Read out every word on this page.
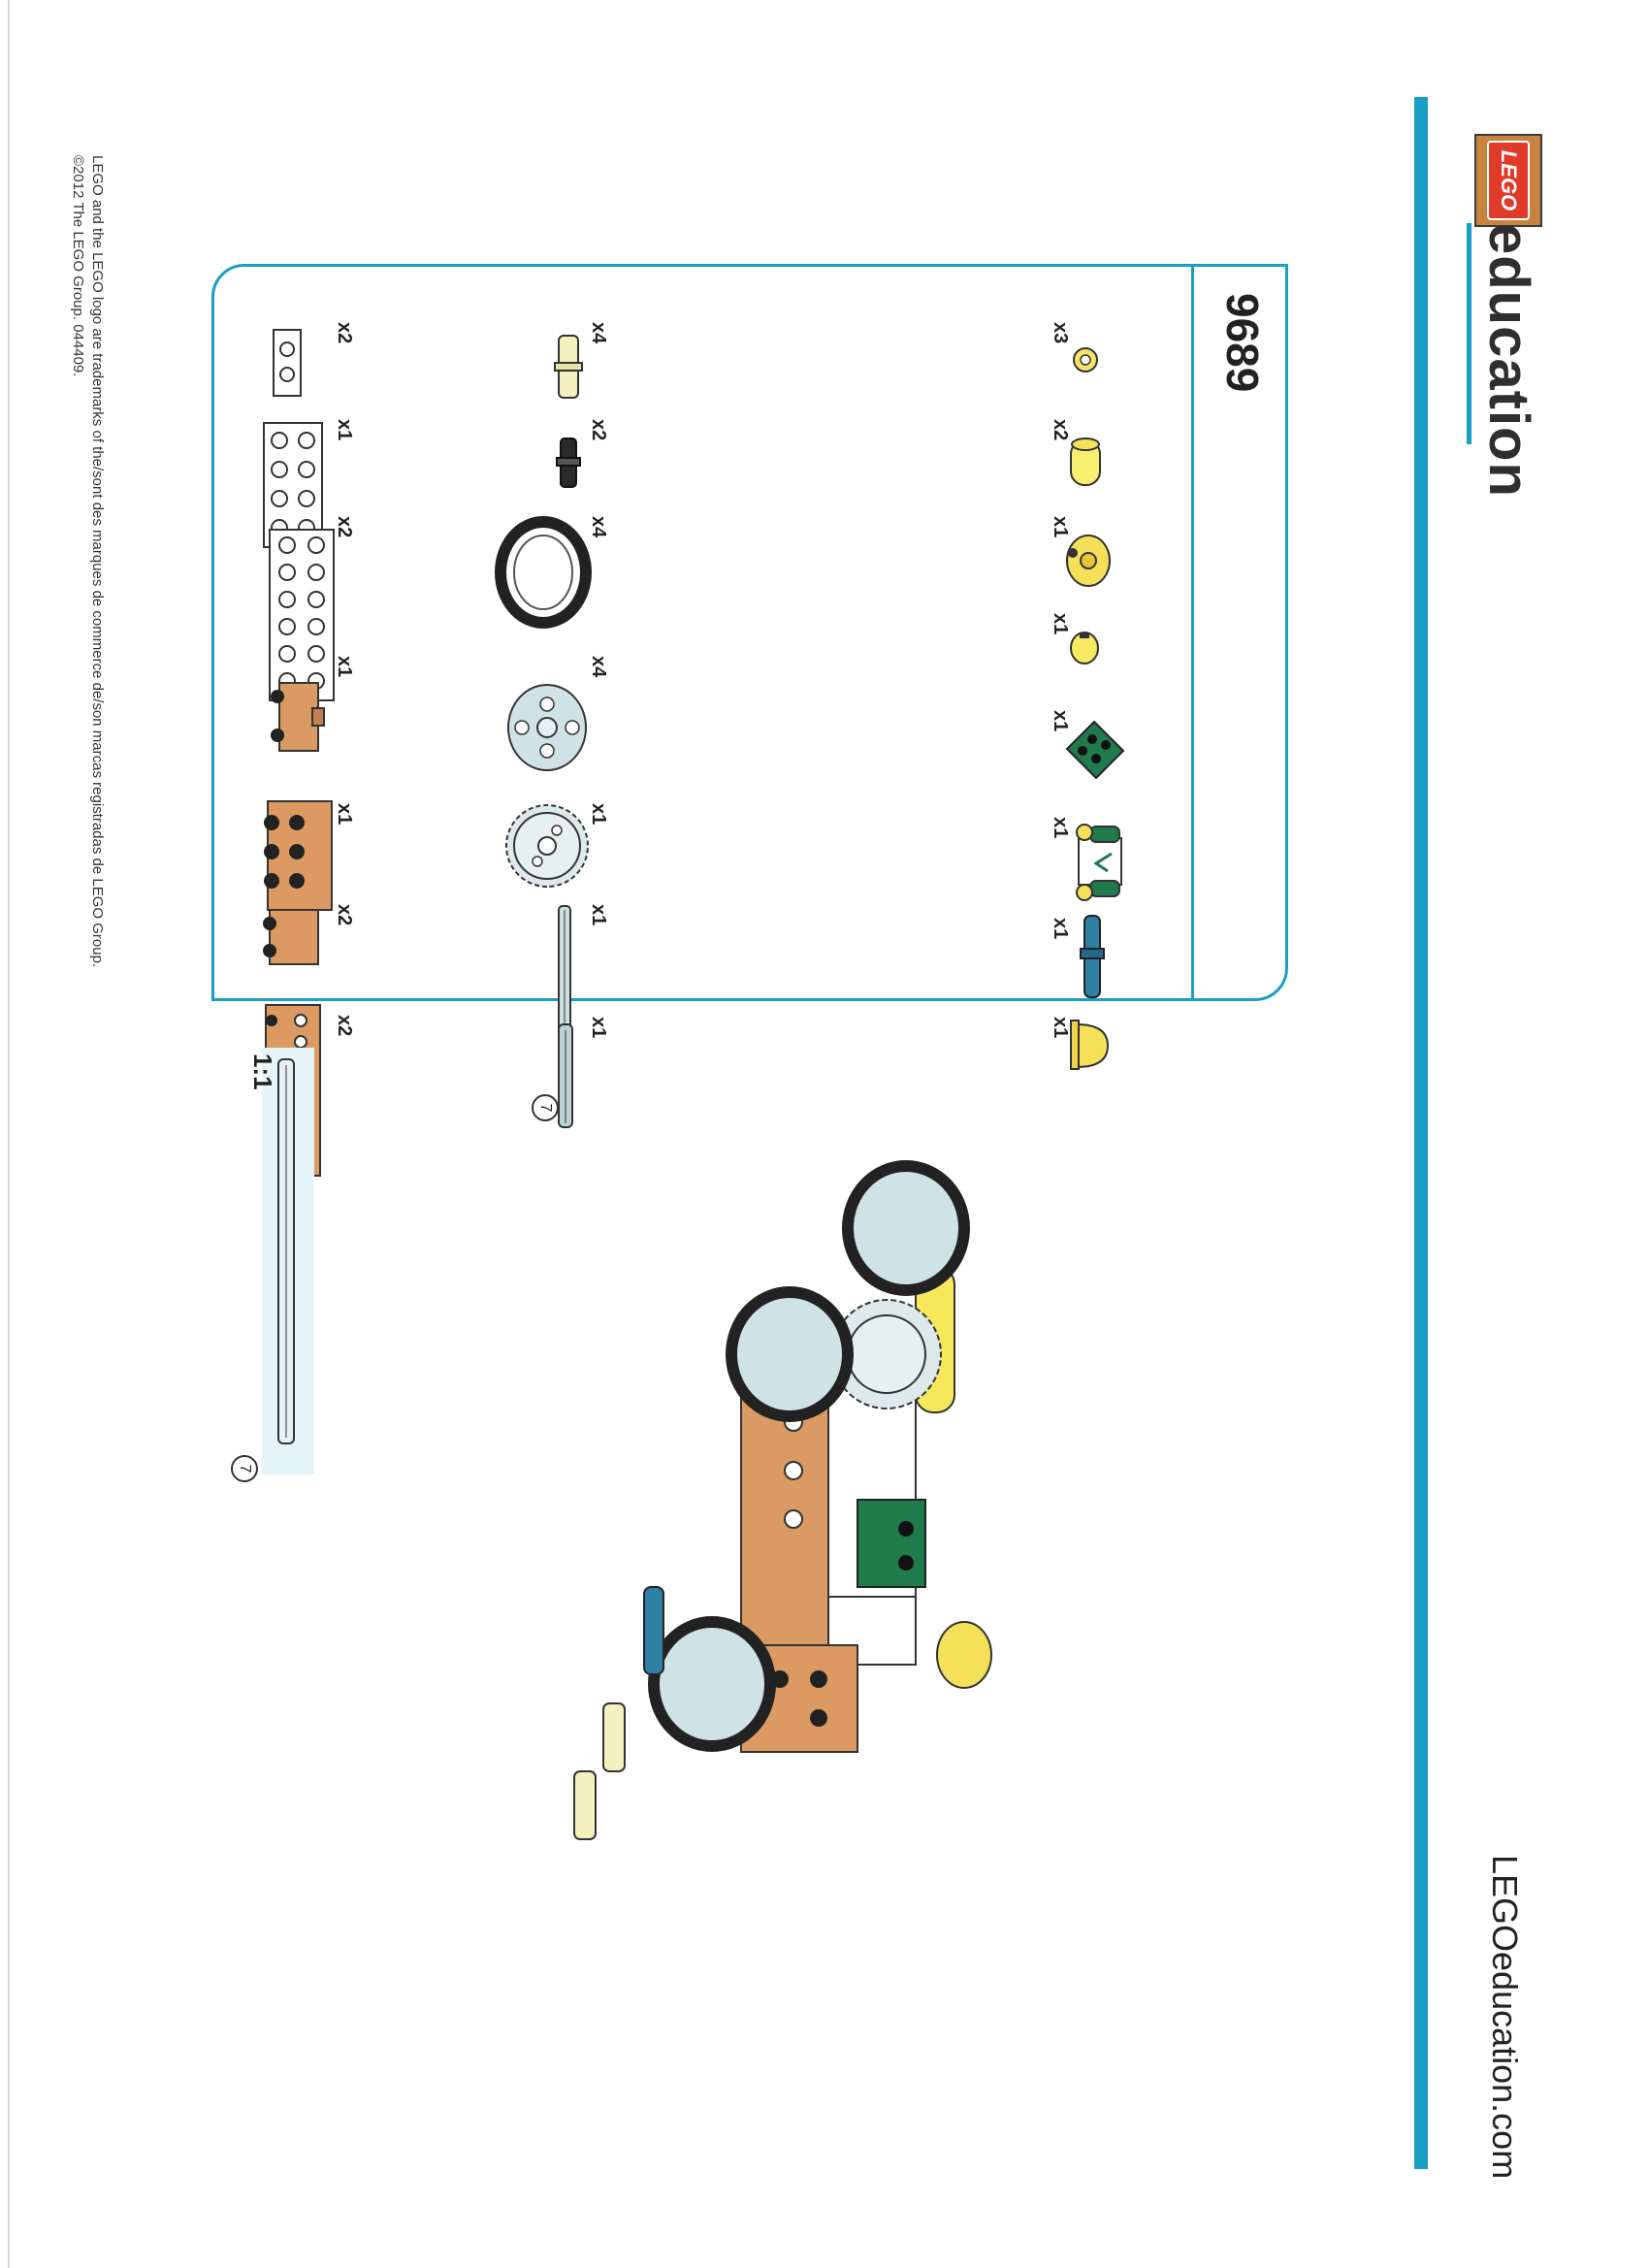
LEGO
education
LEGOeducation.com
9689
x3
x2
x1
x1
x1
x1
x1
x1
x4
x2
x4
x4
x1
x1
7
x1
x2
x1
x2
x1
x1
x2
x2
1:1
7
LEGO and the LEGO logo are trademarks of the/sont des marques de commerce de/son marcas registradas de LEGO Group.
©2012 The LEGO Group. 044409.
